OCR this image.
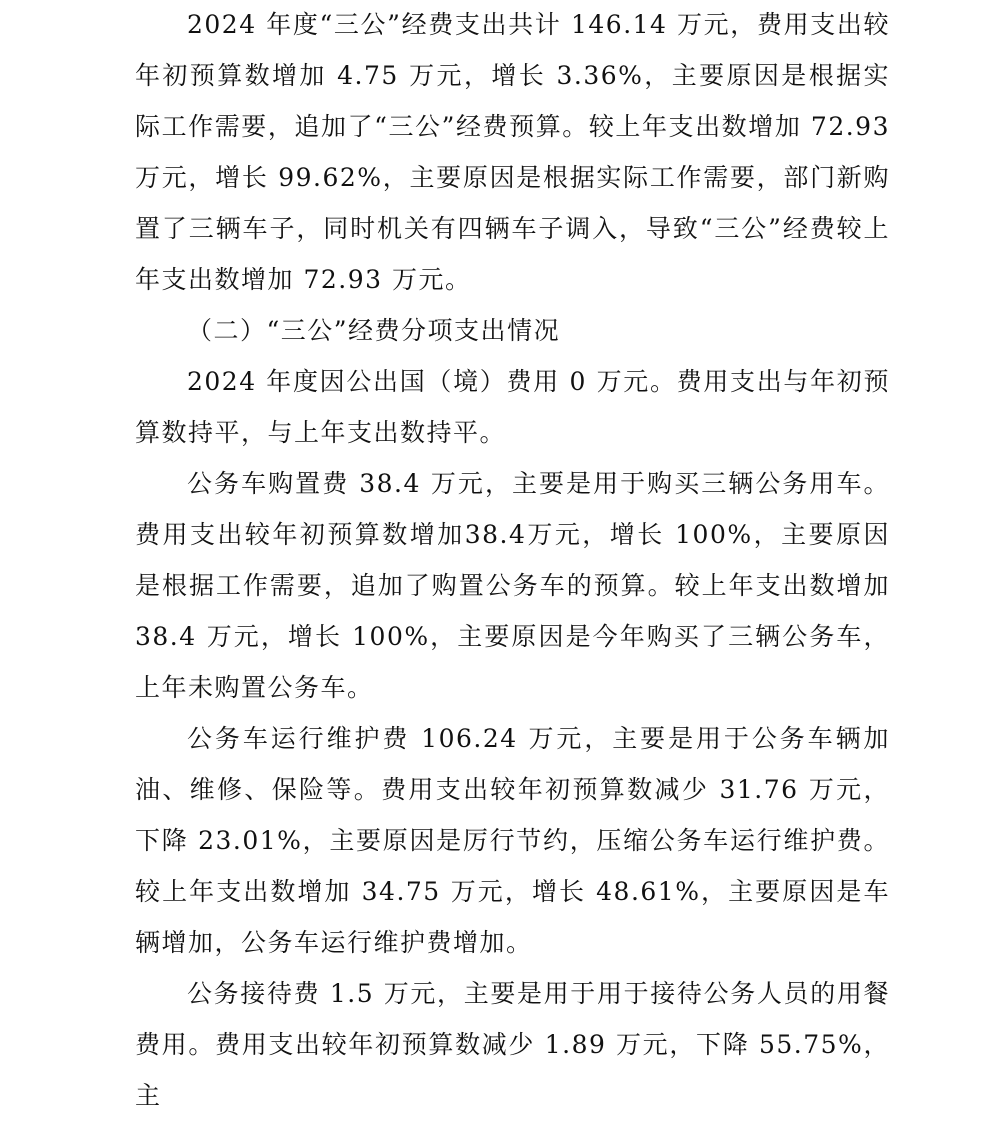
2024 年度“三公”经费支出共计 146.14 万元，费用支出较年初预算数增加 4.75 万元，增长 3.36%，主要原因是根据实际工作需要，追加了“三公”经费预算。较上年支出数增加 72.93 万元，增长 99.62%，主要原因是根据实际工作需要，部门新购置了三辆车子，同时机关有四辆车子调入，导致“三公”经费较上年支出数增加 72.93 万元。

（二）“三公”经费分项支出情况

2024 年度因公出国（境）费用 0 万元。费用支出与年初预算数持平，与上年支出数持平。

公务车购置费 38.4 万元，主要是用于购买三辆公务用车。费用支出较年初预算数增加38.4万元，增长 100%，主要原因是根据工作需要，追加了购置公务车的预算。较上年支出数增加 38.4 万元，增长 100%，主要原因是今年购买了三辆公务车，上年未购置公务车。

公务车运行维护费 106.24 万元，主要是用于公务车辆加油、维修、保险等。费用支出较年初预算数减少 31.76 万元，下降 23.01%，主要原因是厉行节约，压缩公务车运行维护费。较上年支出数增加 34.75 万元，增长 48.61%，主要原因是车辆增加，公务车运行维护费增加。

公务接待费 1.5 万元，主要是用于用于接待公务人员的用餐费用。费用支出较年初预算数减少 1.89 万元，下降 55.75%，主
